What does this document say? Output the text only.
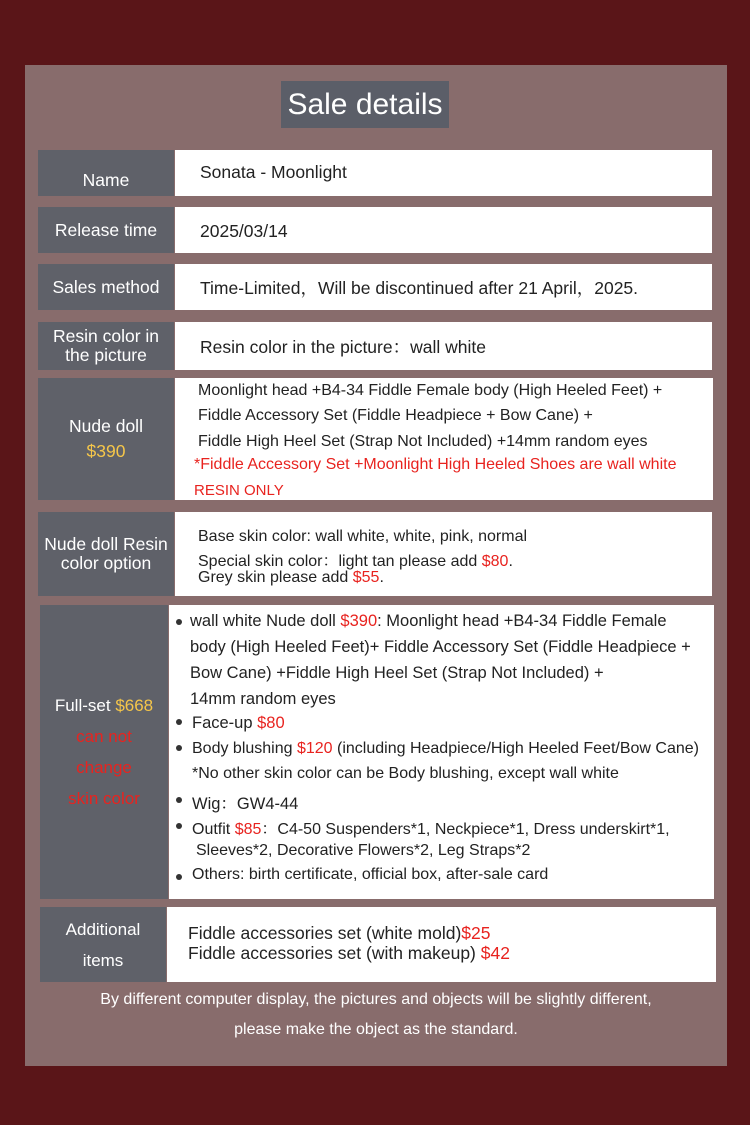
Sale details
Name	Sonata - Moonlight
Release time 2025/03/14
Sales method Time-Limited，Will be discontinued after 21 April，2025.
Resin color in
the picture	Resin color in the picture：wall white
Nude doll
$390
Moonlight head +B4-34 Fiddle Female body (High Heeled Feet) +
Fiddle Accessory Set (Fiddle Headpiece + Bow Cane) +
Fiddle High Heel Set (Strap Not Included) +14mm random eyes
*Fiddle Accessory Set +Moonlight High Heeled Shoes are wall white
RESIN ONLY
Nude doll Resin
color option
Base skin color: wall white, white, pink, normal
Special skin color：light tan please add $80.
Grey skin please add $55.
Full-set $668
can not
change
skin color
wall white Nude doll $390: Moonlight head +B4-34 Fiddle Female
body (High Heeled Feet)+ Fiddle Accessory Set (Fiddle Headpiece +
Bow Cane) +Fiddle High Heel Set (Strap Not Included) +
14mm random eyes
Face-up $80
Body blushing $120 (including Headpiece/High Heeled Feet/Bow Cane)
*No other skin color can be Body blushing, except wall white
Wig：GW4-44
Outfit $85：C4-50 Suspenders*1, Neckpiece*1, Dress underskirt*1,
Sleeves*2, Decorative Flowers*2, Leg Straps*2
Others: birth certificate, official box, after-sale card
Additional
items
Fiddle accessories set (white mold)$25
Fiddle accessories set (with makeup) $42
By different computer display, the pictures and objects will be slightly different,
please make the object as the standard.
